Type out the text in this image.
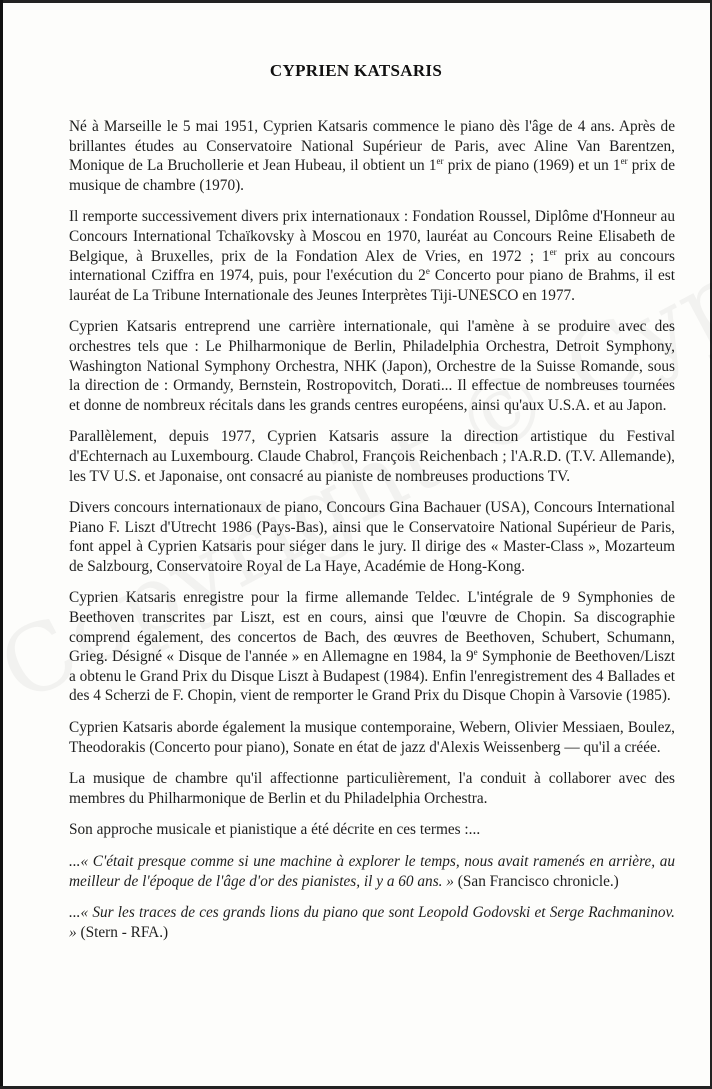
CYPRIEN KATSARIS

Né à Marseille le 5 mai 1951, Cyprien Katsaris commence le piano dès l'âge de 4 ans. Après de brillantes études au Conservatoire National Supérieur de Paris, avec Aline Van Barentzen, Monique de La Bruchollerie et Jean Hubeau, il obtient un 1er prix de piano (1969) et un 1er prix de musique de chambre (1970).

Il remporte successivement divers prix internationaux : Fondation Roussel, Diplôme d'Honneur au Concours International Tchaïkovsky à Moscou en 1970, lauréat au Concours Reine Elisabeth de Belgique, à Bruxelles, prix de la Fondation Alex de Vries, en 1972 ; 1er prix au concours international Cziffra en 1974, puis, pour l'exécution du 2e Concerto pour piano de Brahms, il est lauréat de La Tribune Internationale des Jeunes Interprètes Tiji-UNESCO en 1977.

Cyprien Katsaris entreprend une carrière internationale, qui l'amène à se produire avec des orchestres tels que : Le Philharmonique de Berlin, Philadelphia Orchestra, Detroit Symphony, Washington National Symphony Orchestra, NHK (Japon), Orchestre de la Suisse Romande, sous la direction de : Ormandy, Bernstein, Rostropovitch, Dorati... Il effectue de nombreuses tournées et donne de nombreux récitals dans les grands centres européens, ainsi qu'aux U.S.A. et au Japon.

Parallèlement, depuis 1977, Cyprien Katsaris assure la direction artistique du Festival d'Echternach au Luxembourg. Claude Chabrol, François Reichenbach ; l'A.R.D. (T.V. Allemande), les TV U.S. et Japonaise, ont consacré au pianiste de nombreuses productions TV.

Divers concours internationaux de piano, Concours Gina Bachauer (USA), Concours International Piano F. Liszt d'Utrecht 1986 (Pays-Bas), ainsi que le Conservatoire National Supérieur de Paris, font appel à Cyprien Katsaris pour siéger dans le jury. Il dirige des « Master-Class », Mozarteum de Salzbourg, Conservatoire Royal de La Haye, Académie de Hong-Kong.

Cyprien Katsaris enregistre pour la firme allemande Teldec. L'intégrale de 9 Symphonies de Beethoven transcrites par Liszt, est en cours, ainsi que l'œuvre de Chopin. Sa discographie comprend également, des concertos de Bach, des œuvres de Beethoven, Schubert, Schumann, Grieg. Désigné « Disque de l'année » en Allemagne en 1984, la 9e Symphonie de Beethoven/Liszt a obtenu le Grand Prix du Disque Liszt à Budapest (1984). Enfin l'enregistrement des 4 Ballades et des 4 Scherzi de F. Chopin, vient de remporter le Grand Prix du Disque Chopin à Varsovie (1985).

Cyprien Katsaris aborde également la musique contemporaine, Webern, Olivier Messiaen, Boulez, Theodorakis (Concerto pour piano), Sonate en état de jazz d'Alexis Weissenberg — qu'il a créée.

La musique de chambre qu'il affectionne particulièrement, l'a conduit à collaborer avec des membres du Philharmonique de Berlin et du Philadelphia Orchestra.

Son approche musicale et pianistique a été décrite en ces termes :...

...« C'était presque comme si une machine à explorer le temps, nous avait ramenés en arrière, au meilleur de l'époque de l'âge d'or des pianistes, il y a 60 ans. » (San Francisco chronicle.)

...« Sur les traces de ces grands lions du piano que sont Leopold Godovski et Serge Rachmaninov. » (Stern - RFA.)
